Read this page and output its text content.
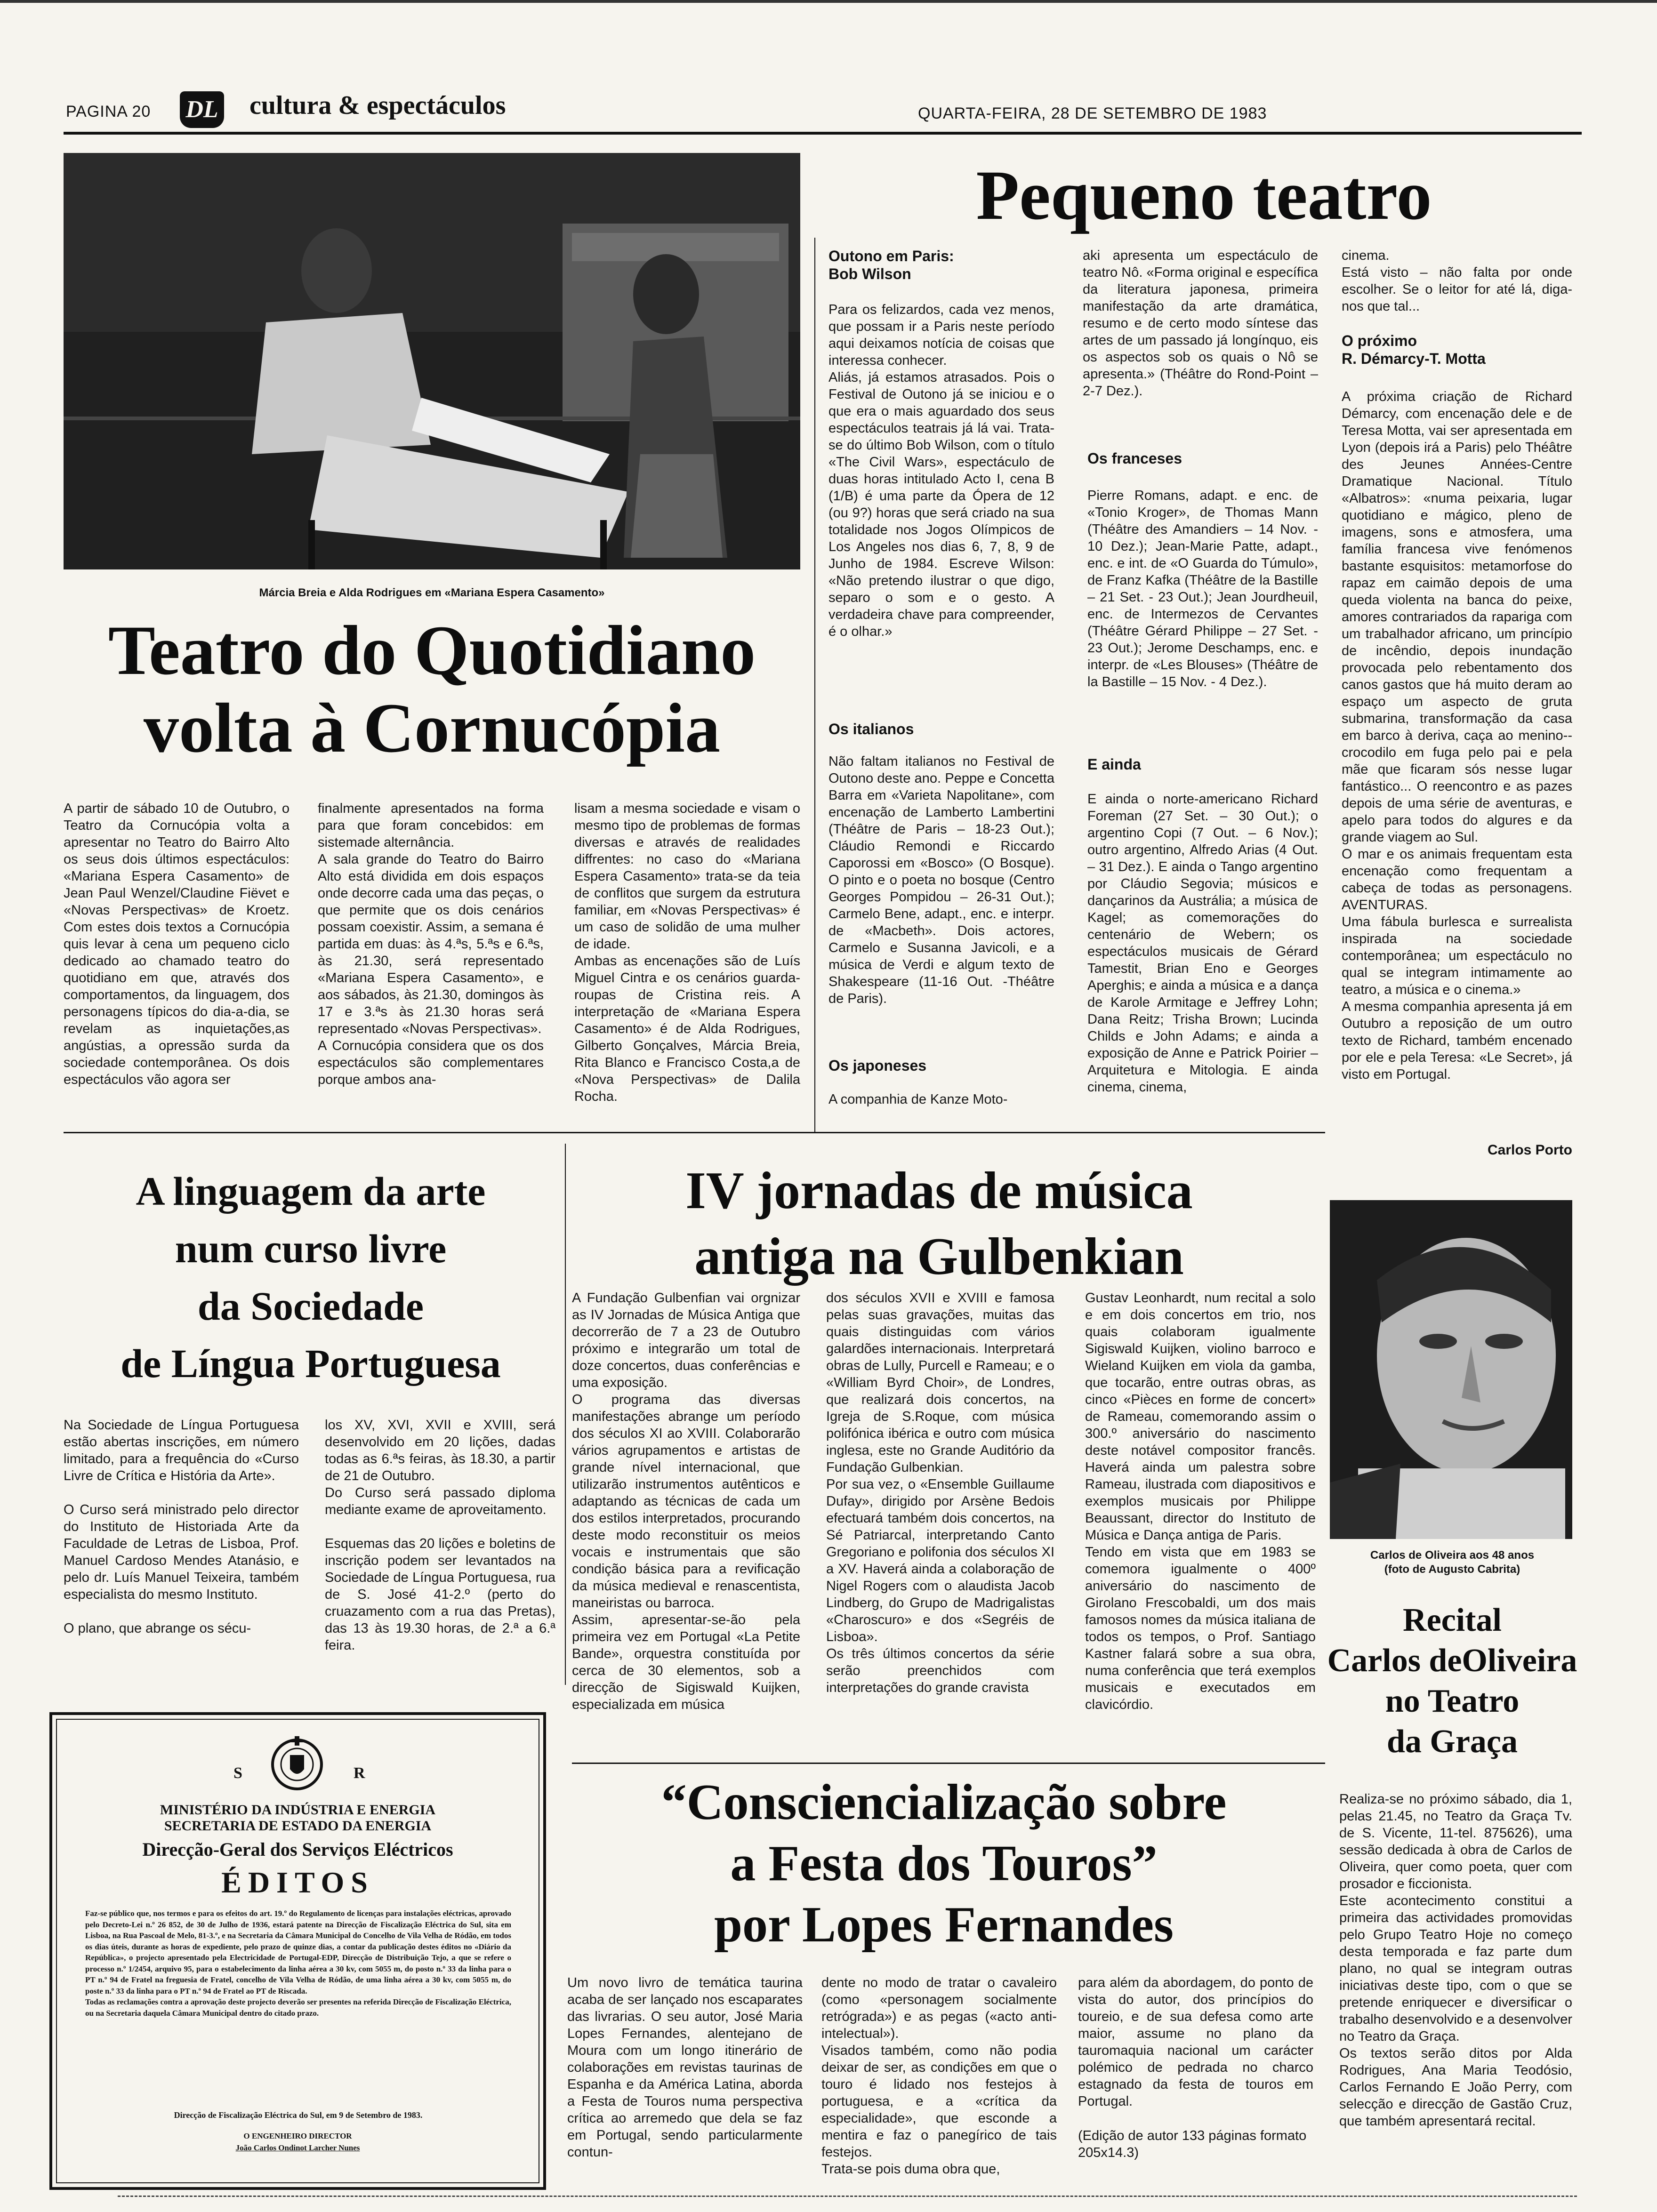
PAGINA 20 DL cultura & espectáculos	QUARTA-FEIRA, 28 DE SETEMBRO DE 1983
Márcia Breia e Alda Rodrigues em «Mariana Espera Casamento»
Teatro do Quotidiano
volta à Cornucópia
A partir de sábado 10 de Outubro, o Teatro da Cornucópia volta a apresentar no Teatro do Bairro Alto os seus dois últimos espectáculos: «Mariana Espera Casamento» de Jean Paul Wenzel/Claudine Fiëvet e «Novas Perspectivas» de Kroetz. Com estes dois textos a Cornucópia quis levar à cena um pequeno ciclo dedicado ao chamado teatro do quotidiano em que, através dos comportamentos, da linguagem, dos personagens típicos do dia-a-dia, se revelam as inquietações,as angústias, a opressão surda da sociedade contemporânea. Os dois espectáculos vão agora ser
finalmente apresentados na forma para que foram concebidos: em sistemade alternância.
A sala grande do Teatro do Bairro Alto está dividida em dois espaços onde decorre cada uma das peças, o que permite que os dois cenários possam coexistir. Assim, a semana é partida em duas: às 4.ªs, 5.ªs e 6.ªs, às 21.30, será representado «Mariana Espera Casamento», e aos sábados, às 21.30, domingos às 17 e 3.ªs às 21.30 horas será representado «Novas Perspectivas».
A Cornucópia considera que os dos espectáculos são complementares porque ambos ana-
lisam a mesma sociedade e visam o mesmo tipo de problemas de formas diversas e através de realidades diffrentes: no caso do «Mariana Espera Casamento» trata-se da teia de conflitos que surgem da estrutura familiar, em «Novas Perspectivas» é um caso de solidão de uma mulher de idade.
Ambas as encenações são de Luís Miguel Cintra e os cenários guarda-roupas de Cristina reis. A interpretação de «Mariana Espera Casamento» é de Alda Rodrigues, Gilberto Gonçalves, Márcia Breia, Rita Blanco e Francisco Costa,a de «Nova Perspectivas» de Dalila Rocha.
Pequeno teatro
Outono em Paris:
Bob Wilson
Para os felizardos, cada vez menos, que possam ir a Paris neste período aqui deixamos notícia de coisas que interessa conhecer.
Aliás, já estamos atrasados. Pois o Festival de Outono já se iniciou e o que era o mais aguardado dos seus espectáculos teatrais já lá vai. Trata-se do último Bob Wilson, com o título «The Civil Wars», espectáculo de duas horas intitulado Acto I, cena B (1/B) é uma parte da Ópera de 12 (ou 9?) horas que será criado na sua totalidade nos Jogos Olímpicos de Los Angeles nos dias 6, 7, 8, 9 de Junho de 1984. Escreve Wilson: «Não pretendo ilustrar o que digo, separo o som e o gesto. A verdadeira chave para compreender, é o olhar.»
Os italianos
Não faltam italianos no Festival de Outono deste ano. Peppe e Concetta Barra em «Varieta Napolitane», com encenação de Lamberto Lambertini (Théâtre de Paris – 18-23 Out.); Cláudio Remondi e Riccardo Caporossi em «Bosco» (O Bosque). O pinto e o poeta no bosque (Centro Georges Pompidou – 26-31 Out.); Carmelo Bene, adapt., enc. e interpr. de «Macbeth». Dois actores, Carmelo e Susanna Javicoli, e a música de Verdi e algum texto de Shakespeare (11-16 Out. -Théâtre de Paris).
Os japoneses
A companhia de Kanze Moto-
aki apresenta um espectáculo de teatro Nô. «Forma original e específica da literatura japonesa, primeira manifestação da arte dramática, resumo e de certo modo síntese das artes de um passado já longínquo, eis os aspectos sob os quais o Nô se apresenta.» (Théâtre do Rond-Point – 2-7 Dez.).
Os franceses
Pierre Romans, adapt. e enc. de «Tonio Kroger», de Thomas Mann (Théâtre des Amandiers – 14 Nov. - 10 Dez.); Jean-Marie Patte, adapt., enc. e int. de «O Guarda do Túmulo», de Franz Kafka (Théâtre de la Bastille – 21 Set. - 23 Out.); Jean Jourdheuil, enc. de Intermezos de Cervantes (Théâtre Gérard Philippe – 27 Set. - 23 Out.); Jerome Deschamps, enc. e interpr. de «Les Blouses» (Théâtre de la Bastille – 15 Nov. - 4 Dez.).
E ainda
E ainda o norte-americano Richard Foreman (27 Set. – 30 Out.); o argentino Copi (7 Out. – 6 Nov.); outro argentino, Alfredo Arias (4 Out. – 31 Dez.). E ainda o Tango argentino por Cláudio Segovia; músicos e dançarinos da Austrália; a música de Kagel; as comemorações do centenário de Webern; os espectáculos musicais de Gérard Tamestit, Brian Eno e Georges Aperghis; e ainda a música e a dança de Karole Armitage e Jeffrey Lohn; Dana Reitz; Trisha Brown; Lucinda Childs e John Adams; e ainda a exposição de Anne e Patrick Poirier – Arquitetura e Mitologia. E ainda cinema, cinema,
cinema.
Está visto – não falta por onde escolher. Se o leitor for até lá, diga-nos que tal...
O próximo
R. Démarcy-T. Motta
A próxima criação de Richard Démarcy, com encenação dele e de Teresa Motta, vai ser apresentada em Lyon (depois irá a Paris) pelo Théâtre des Jeunes Années-Centre Dramatique Nacional. Título «Albatros»: «numa peixaria, lugar quotidiano e mágico, pleno de imagens, sons e atmosfera, uma família francesa vive fenómenos bastante esquisitos: metamorfose do rapaz em caimão depois de uma queda violenta na banca do peixe, amores contrariados da rapariga com um trabalhador africano, um princípio de incêndio, depois inundação provocada pelo rebentamento dos canos gastos que há muito deram ao espaço um aspecto de gruta submarina, transformação da casa em barco à deriva, caça ao menino--crocodilo em fuga pelo pai e pela mãe que ficaram sós nesse lugar fantástico... O reencontro e as pazes depois de uma série de aventuras, e apelo para todos do algures e da grande viagem ao Sul.
O mar e os animais frequentam esta encenação como frequentam a cabeça de todas as personagens. AVENTURAS.
Uma fábula burlesca e surrealista inspirada na sociedade contemporânea; um espectáculo no qual se integram intimamente ao teatro, a música e o cinema.»
A mesma companhia apresenta já em Outubro a reposição de um outro texto de Richard, também encenado por ele e pela Teresa: «Le Secret», já visto em Portugal.
Carlos Porto
A linguagem da arte
num curso livre
da Sociedade
de Língua Portuguesa
Na Sociedade de Língua Portuguesa estão abertas inscrições, em número limitado, para a frequência do «Curso Livre de Crítica e História da Arte».

O Curso será ministrado pelo director do Instituto de Historiada Arte da Faculdade de Letras de Lisboa, Prof. Manuel Cardoso Mendes Atanásio, e pelo dr. Luís Manuel Teixeira, também especialista do mesmo Instituto.

O plano, que abrange os sécu-
los XV, XVI, XVII e XVIII, será desenvolvido em 20 lições, dadas todas as 6.ªs feiras, às 18.30, a partir de 21 de Outubro.
Do Curso será passado diploma mediante exame de aproveitamento.

Esquemas das 20 lições e boletins de inscrição podem ser levantados na Sociedade de Língua Portuguesa, rua de S. José 41-2.º (perto do cruazamento com a rua das Pretas), das 13 às 19.30 horas, de 2.ª a 6.ª feira.
IV jornadas de música
antiga na Gulbenkian
A Fundação Gulbenfian vai orgnizar as IV Jornadas de Música Antiga que decorrerão de 7 a 23 de Outubro próximo e integrarão um total de doze concertos, duas conferências e uma exposição.
O programa das diversas manifestações abrange um período dos séculos XI ao XVIII. Colaborarão vários agrupamentos e artistas de grande nível internacional, que utilizarão instrumentos autênticos e adaptando as técnicas de cada um dos estilos interpretados, procurando deste modo reconstituir os meios vocais e instrumentais que são condição básica para a revificação da música medieval e renascentista, maneiristas ou barroca.
Assim, apresentar-se-ão pela primeira vez em Portugal «La Petite Bande», orquestra constituída por cerca de 30 elementos, sob a direcção de Sigiswald Kuijken, especializada em música
dos séculos XVII e XVIII e famosa pelas suas gravações, muitas das quais distinguidas com vários galardões internacionais. Interpretará obras de Lully, Purcell e Rameau; e o «William Byrd Choir», de Londres, que realizará dois concertos, na Igreja de S.Roque, com música polifónica ibérica e outro com música inglesa, este no Grande Auditório da Fundação Gulbenkian.
Por sua vez, o «Ensemble Guillaume Dufay», dirigido por Arsène Bedois efectuará também dois concertos, na Sé Patriarcal, interpretando Canto Gregoriano e polifonia dos séculos XI a XV. Haverá ainda a colaboração de Nigel Rogers com o alaudista Jacob Lindberg, do Grupo de Madrigalistas «Charoscuro» e dos «Segréis de Lisboa».
Os três últimos concertos da série serão preenchidos com interpretações do grande cravista
Gustav Leonhardt, num recital a solo e em dois concertos em trio, nos quais colaboram igualmente Sigiswald Kuijken, violino barroco e Wieland Kuijken em viola da gamba, que tocarão, entre outras obras, as cinco «Pièces en forme de concert» de Rameau, comemorando assim o 300.º aniversário do nascimento deste notável compositor francês. Haverá ainda um palestra sobre Rameau, ilustrada com diapositivos e exemplos musicais por Philippe Beaussant, director do Instituto de Música e Dança antiga de Paris.
Tendo em vista que em 1983 se comemora igualmente o 400º aniversário do nascimento de Girolano Frescobaldi, um dos mais famosos nomes da música italiana de todos os tempos, o Prof. Santiago Kastner falará sobre a sua obra, numa conferência que terá exemplos musicais e executados em clavicórdio.
Carlos de Oliveira aos 48 anos
(foto de Augusto Cabrita)
Recital
Carlos deOliveira
no Teatro
da Graça
Realiza-se no próximo sábado, dia 1, pelas 21.45, no Teatro da Graça Tv. de S. Vicente, 11-tel. 875626), uma sessão dedicada à obra de Carlos de Oliveira, quer como poeta, quer com prosador e ficcionista.
Este acontecimento constitui a primeira das actividades promovidas pelo Grupo Teatro Hoje no começo desta temporada e faz parte dum plano, no qual se integram outras iniciativas deste tipo, com o que se pretende enriquecer e diversificar o trabalho desenvolvido e a desenvolver no Teatro da Graça.
Os textos serão ditos por Alda Rodrigues, Ana Maria Teodósio, Carlos Fernando E João Perry, com selecção e direcção de Gastão Cruz, que também apresentará recital.
“Consciencialização sobre
a Festa dos Touros”
por Lopes Fernandes
Um novo livro de temática taurina acaba de ser lançado nos escaparates das livrarias. O seu autor, José Maria Lopes Fernandes, alentejano de Moura com um longo itinerário de colaborações em revistas taurinas de Espanha e da América Latina, aborda a Festa de Touros numa perspectiva crítica ao arremedo que dela se faz em Portugal, sendo particularmente contun-
dente no modo de tratar o cavaleiro (como «personagem socialmente retrógrada») e as pegas («acto anti-intelectual»).
Visados também, como não podia deixar de ser, as condições em que o touro é lidado nos festejos à portuguesa, e a «crítica da especialidade», que esconde a mentira e faz o panegírico de tais festejos.
Trata-se pois duma obra que,
para além da abordagem, do ponto de vista do autor, dos princípios do toureio, e de sua defesa como arte maior, assume no plano da tauromaquia nacional um carácter polémico de pedrada no charco estagnado da festa de touros em Portugal.
(Edição de autor 133 páginas formato 205x14.3)
S	R
MINISTÉRIO DA INDÚSTRIA E ENERGIA
SECRETARIA DE ESTADO DA ENERGIA
Direcção-Geral dos Serviços Eléctricos
ÉDITOS
Faz-se público que, nos termos e para os efeitos do art. 19.º do Regulamento de licenças para instalações eléctricas, aprovado pelo Decreto-Lei n.º 26 852, de 30 de Julho de 1936, estará patente na Direcção de Fiscalização Eléctrica do Sul, sita em Lisboa, na Rua Pascoal de Melo, 81-3.º, e na Secretaria da Câmara Municipal do Concelho de Vila Velha de Ródão, em todos os dias úteis, durante as horas de expediente, pelo prazo de quinze dias, a contar da publicação destes éditos no «Diário da República», o projecto apresentado pela Electricidade de Portugal-EDP, Direcção de Distribuição Tejo, a que se refere o processo n.º 1/2454, arquivo 95, para o estabelecimento da linha aérea a 30 kv, com 5055 m, do posto n.º 33 da linha para o PT n.º 94 de Fratel na freguesia de Fratel, concelho de Vila Velha de Ródão, de uma linha aérea a 30 kv, com 5055 m, do poste n.º 33 da linha para o PT n.º 94 de Fratel ao PT de Riscada.
Todas as reclamações contra a aprovação deste projecto deverão ser presentes na referida Direcção de Fiscalização Eléctrica, ou na Secretaria daquela Câmara Municipal dentro do citado prazo.
Direcção de Fiscalização Eléctrica do Sul, em 9 de Setembro de 1983.
O ENGENHEIRO DIRECTOR
João Carlos Ondinot Larcher Nunes
